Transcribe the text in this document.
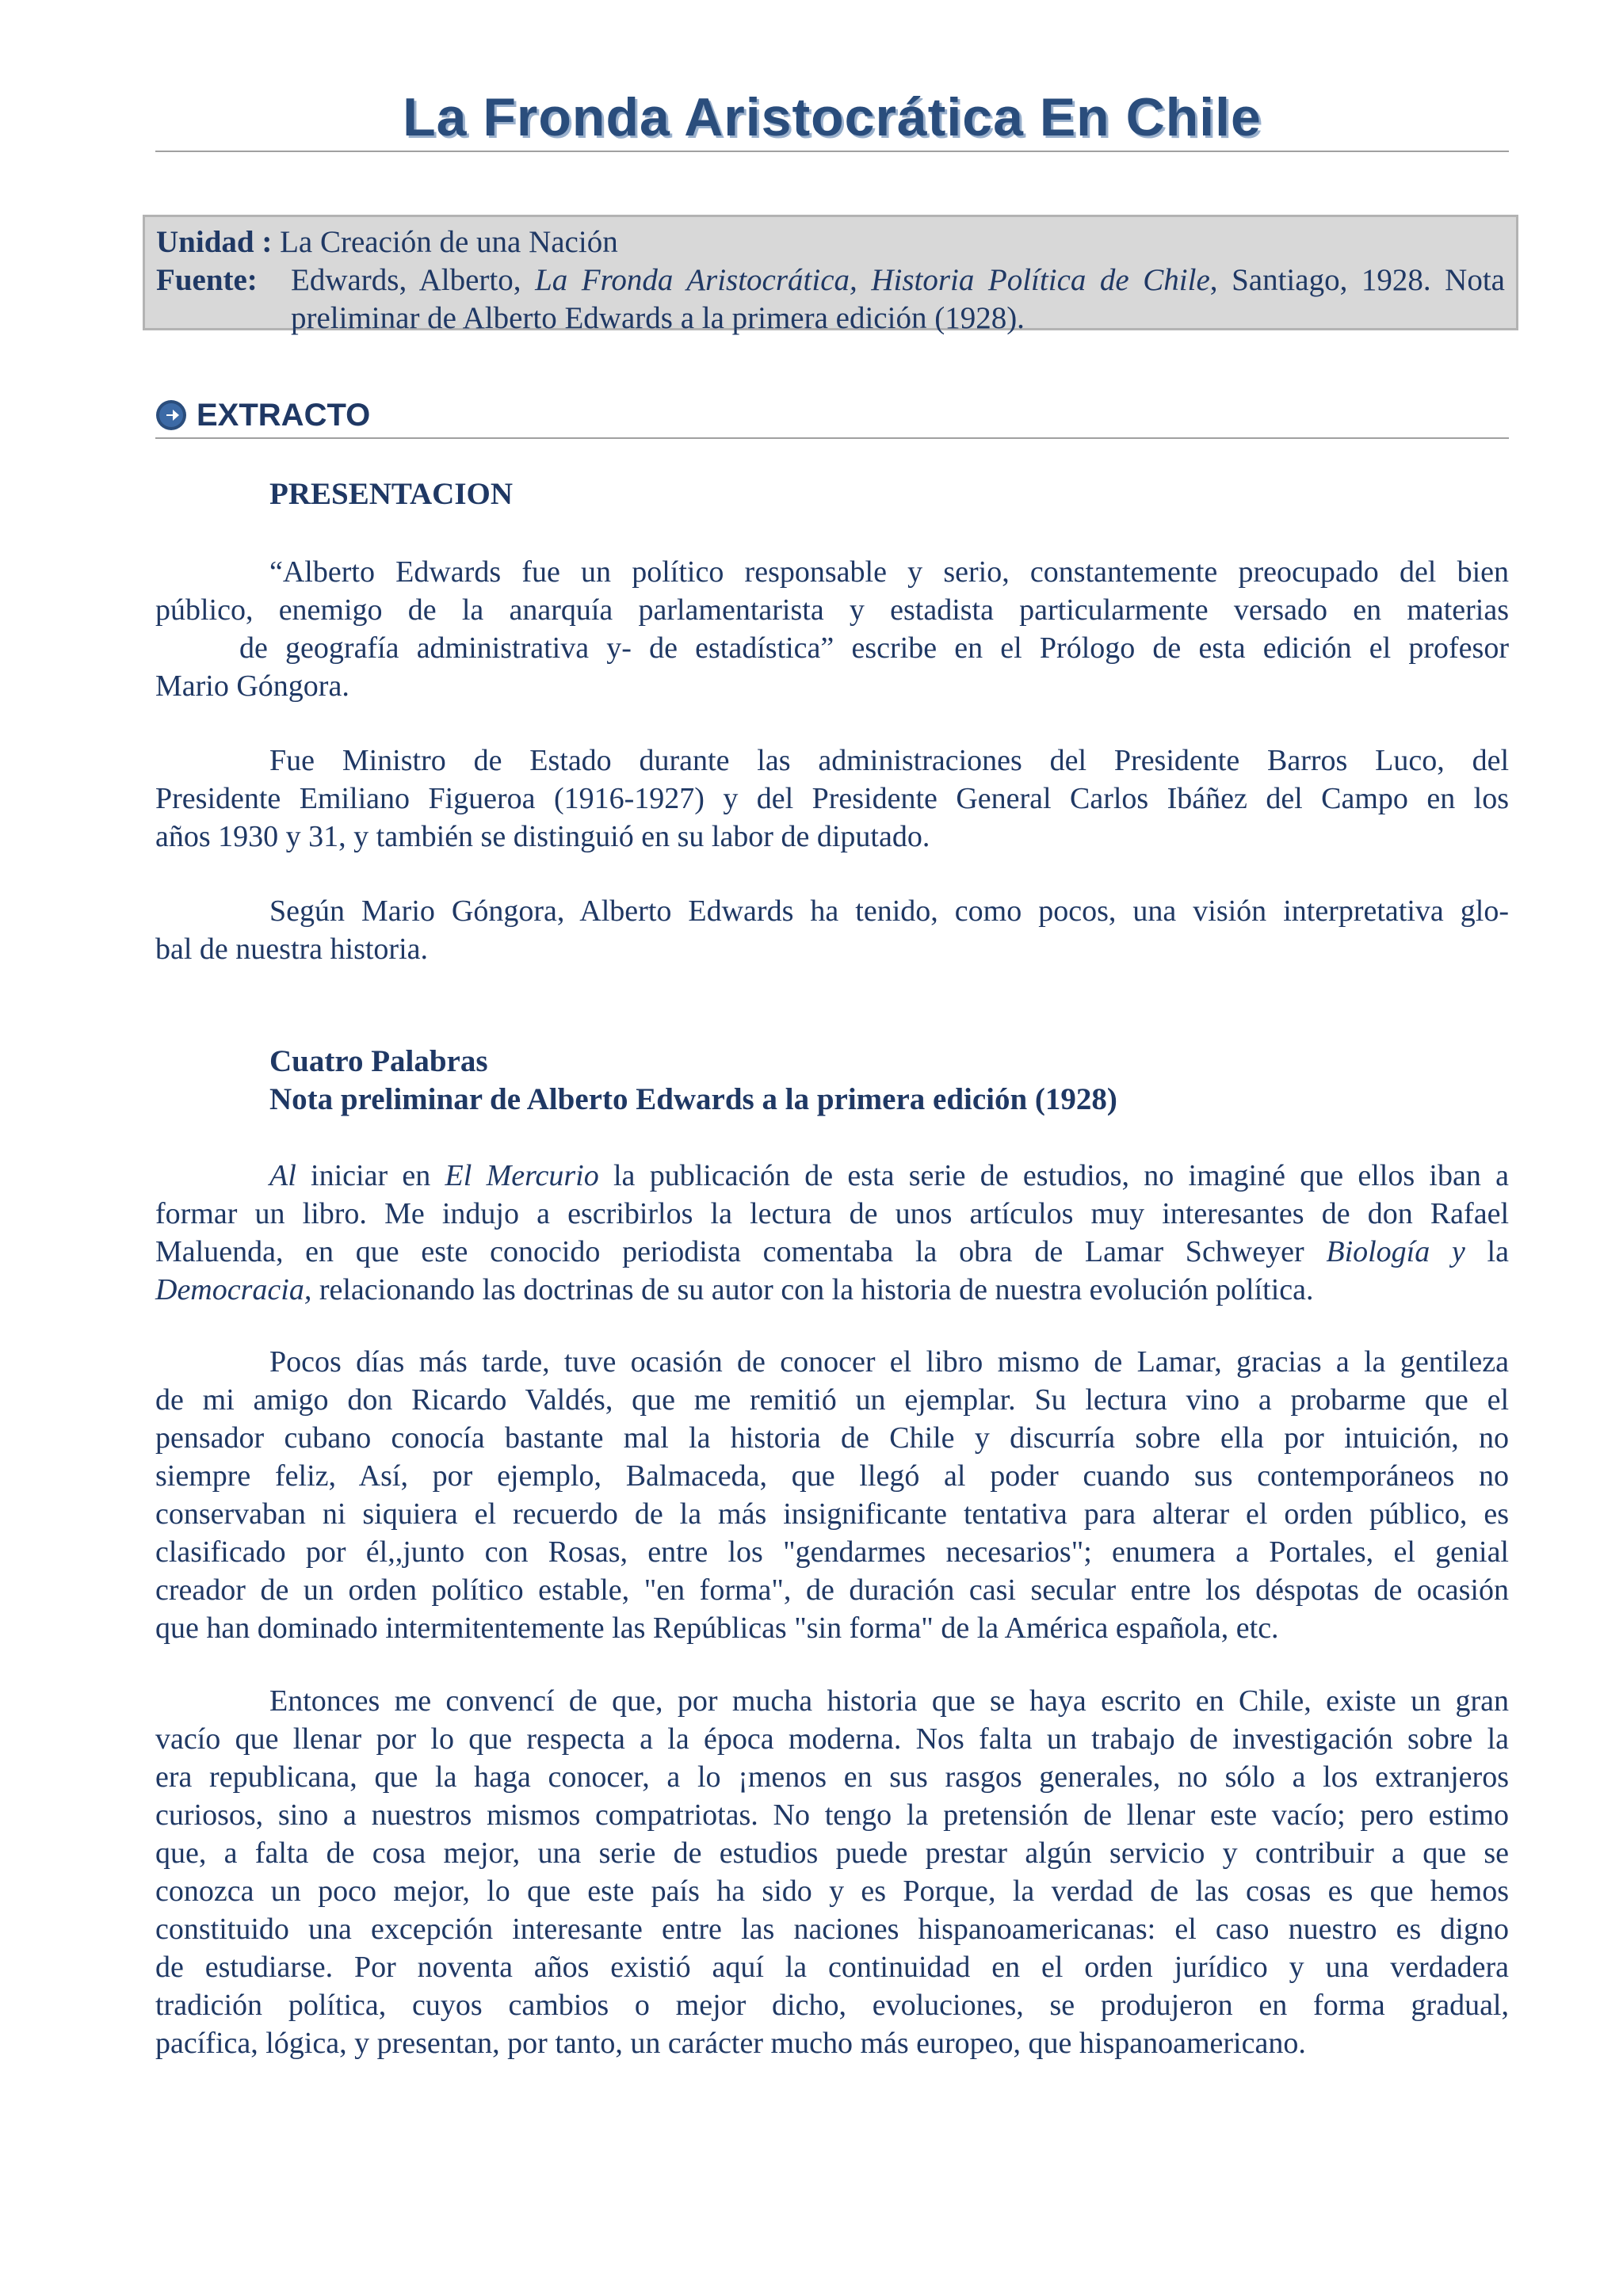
La Fronda Aristocrática En Chile
Unidad : La Creación de una Nación
Fuente: Edwards, Alberto, La Fronda Aristocrática, Historia Política de Chile, Santiago, 1928. Nota preliminar de Alberto Edwards a la primera edición (1928).
EXTRACTO
PRESENTACION
“Alberto Edwards fue un político responsable y serio, constantemente preocupado del bien
público, enemigo de la anarquía parlamentarista y estadista particularmente versado en materias
de geografía administrativa y- de estadística” escribe en el Prólogo de esta edición el profesor
Mario Góngora.
Fue Ministro de Estado durante las administraciones del Presidente Barros Luco, del
Presidente Emiliano Figueroa (1916-1927) y del Presidente General Carlos Ibáñez del Campo en los
años 1930 y 31, y también se distinguió en su labor de diputado.
Según Mario Góngora, Alberto Edwards ha tenido, como pocos, una visión interpretativa glo-
bal de nuestra historia.
Cuatro Palabras
Nota preliminar de Alberto Edwards a la primera edición (1928)
Al iniciar en El Mercurio la publicación de esta serie de estudios, no imaginé que ellos iban a
formar un libro. Me indujo a escribirlos la lectura de unos artículos muy interesantes de don Rafael
Maluenda, en que este conocido periodista comentaba la obra de Lamar Schweyer Biología y la
Democracia, relacionando las doctrinas de su autor con la historia de nuestra evolución política.
Pocos días más tarde, tuve ocasión de conocer el libro mismo de Lamar, gracias a la gentileza
de mi amigo don Ricardo Valdés, que me remitió un ejemplar. Su lectura vino a probarme que el
pensador cubano conocía bastante mal la historia de Chile y discurría sobre ella por intuición, no
siempre feliz, Así, por ejemplo, Balmaceda, que llegó al poder cuando sus contemporáneos no
conservaban ni siquiera el recuerdo de la más insignificante tentativa para alterar el orden público, es
clasificado por él,,junto con Rosas, entre los "gendarmes necesarios"; enumera a Portales, el genial
creador de un orden político estable, "en forma", de duración casi secular entre los déspotas de ocasión
que han dominado intermitentemente las Repúblicas "sin forma" de la América española, etc.
Entonces me convencí de que, por mucha historia que se haya escrito en Chile, existe un gran
vacío que llenar por lo que respecta a la época moderna. Nos falta un trabajo de investigación sobre la
era republicana, que la haga conocer, a lo ¡menos en sus rasgos generales, no sólo a los extranjeros
curiosos, sino a nuestros mismos compatriotas. No tengo la pretensión de llenar este vacío; pero estimo
que, a falta de cosa mejor, una serie de estudios puede prestar algún servicio y contribuir a que se
conozca un poco mejor, lo que este país ha sido y es Porque, la verdad de las cosas es que hemos
constituido una excepción interesante entre las naciones hispanoamericanas: el caso nuestro es digno
de estudiarse. Por noventa años existió aquí la continuidad en el orden jurídico y una verdadera
tradición política, cuyos cambios o mejor dicho, evoluciones, se produjeron en forma gradual,
pacífica, lógica, y presentan, por tanto, un carácter mucho más europeo, que hispanoamericano.
